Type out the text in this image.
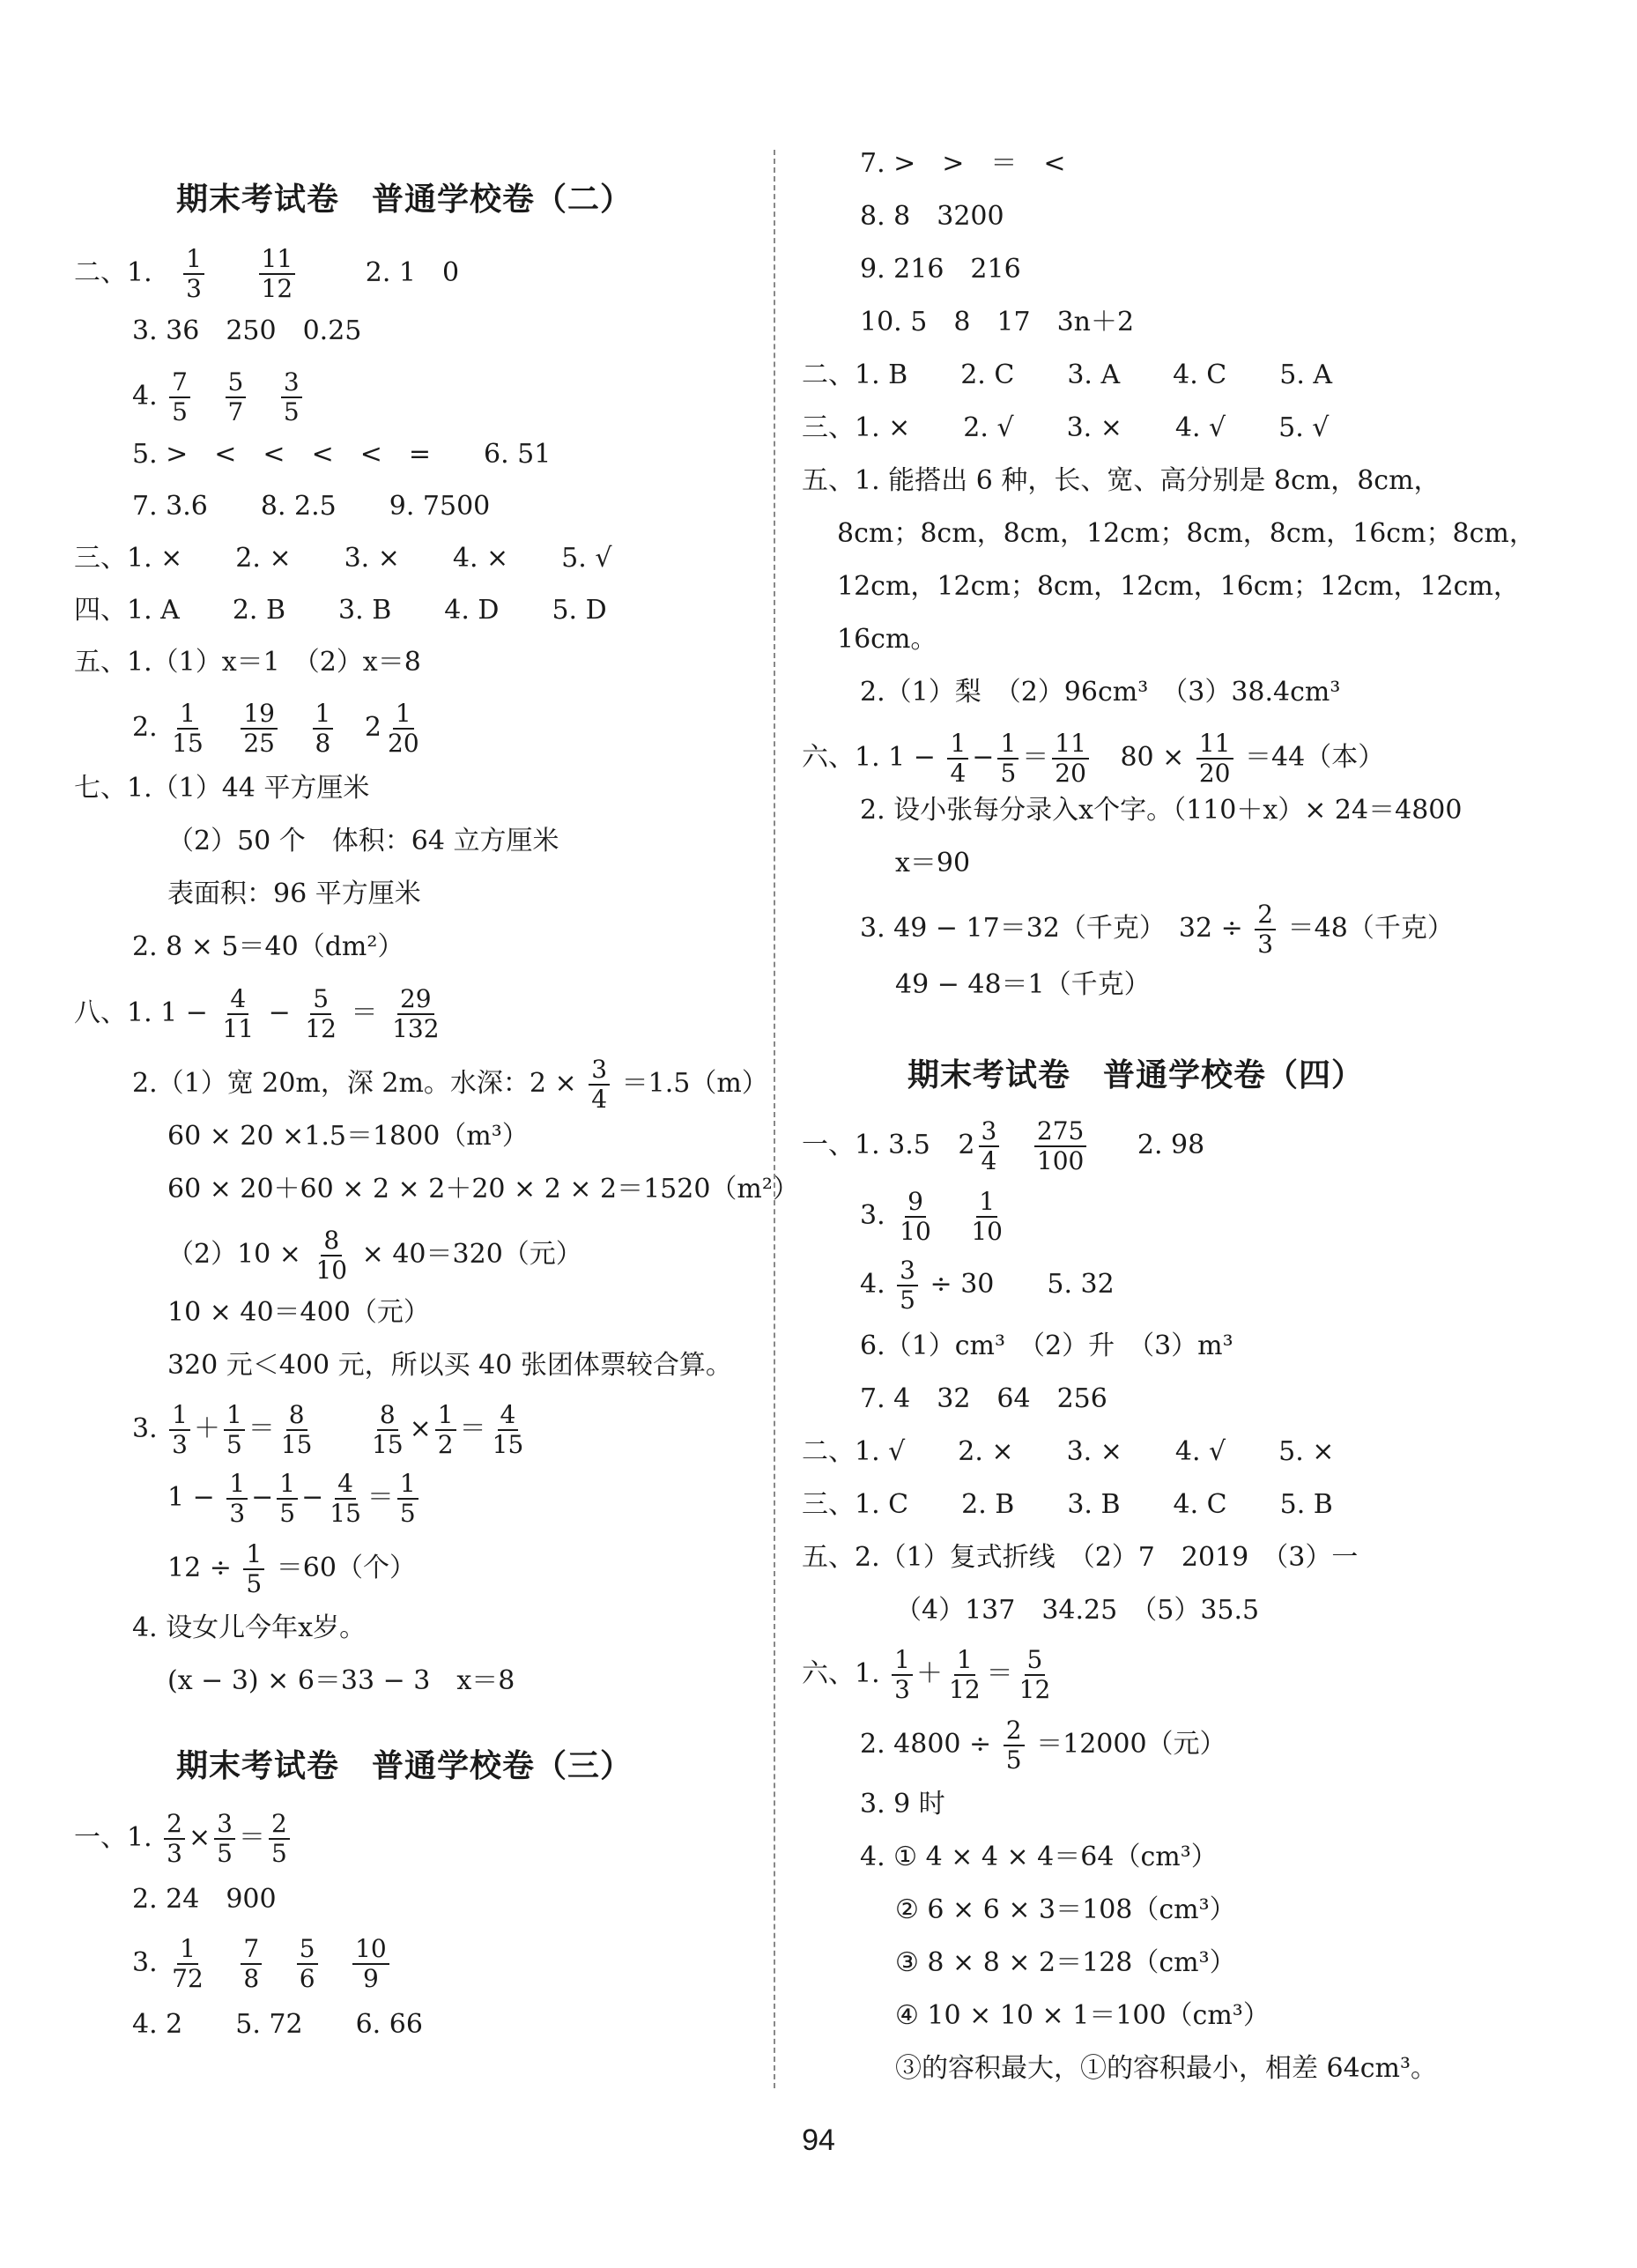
期末考试卷　普通学校卷（二）
二、1. $\frac{1}{3}$
$\frac{11}{12}$	2. 1　0
3. 36　250　0.25
4. $\frac{7}{5}$
$\frac{5}{7}$
$\frac{3}{5}$
5. >　<　<　<　<　=　　6. 51
7. 3.6　　8. 2.5　　9. 7500
三、1. ×　　2. ×　　3. ×　　4. ×　　5. √
四、1. A　　2. B　　3. B　　4. D　　5. D
五、1.（1）x＝1　（2）x＝8
2. $\frac{1}{15}$
$\frac{19}{25}$
$\frac{1}{8} 2 \frac{1}{20}$
七、1.（1）44 平方厘米
（2）50 个　体积：64 立方厘米
表面积：96 平方厘米
2. 8 × 5＝40（dm²）
八、1. $1 - \frac{4}{11} - \frac{5}{12} = \frac{29}{132}$
2.（1）宽 20m，深 2m。水深：$2 \times \frac{3}{4} =1.5(m)$
60 × 20 ×1.5＝1800（m³）
60 × 20＋60 × 2 × 2＋20 × 2 × 2＝1520（m²）
$(2)10 \times \frac{8}{10} \times 40=320$（元）
10 × 40＝400（元）
320 元＜400 元，所以买 40 张团体票较合算。
3. $\frac{1}{3} + \frac{1}{5} = \frac{8}{15}$
$\frac{8}{15} \times \frac{1}{2} = \frac{4}{15}$
$1 - \frac{1}{3} - \frac{1}{5} - \frac{4}{15} = \frac{1}{5}$
$12 \div \frac{1}{5} =60$（个）
4. 设女儿今年x岁。
(x − 3) × 6＝33 − 3　x＝8
期末考试卷　普通学校卷（三）
一、1. $\frac{2}{3} \times \frac{3}{5} = \frac{2}{5}$
2. 24　900
3. $\frac{1}{72}$
$\frac{7}{8}$
$\frac{5}{6}$
$\frac{10}{9}$
4. 2　　5. 72　　6. 66
7. >　>　＝　<
8. 8　3200
9. 216　216
10. 5　8　17　3n＋2
二、1. B　　2. C　　3. A　　4. C　　5. A
三、1. ×　　2. √　　3. ×　　4. √　　5. √
五、1. 能搭出 6 种，长、宽、高分别是 8cm，8cm，
8cm；8cm，8cm，12cm；8cm，8cm，16cm；8cm，
12cm，12cm；8cm，12cm，16cm；12cm，12cm，
16cm。
2.（1）梨　（2）96cm³　（3）38.4cm³
六、1. $1 - \frac{1}{4} - \frac{1}{5} = \frac{11}{20} 80 \times \frac{11}{20} =44$（本）
2. 设小张每分录入x个字。（110＋x）× 24＝4800
x＝90
3. 49 − 17＝32（千克）　$32 \div \frac{2}{3} =48$（千克）
49 − 48＝1（千克）
期末考试卷　普通学校卷（四）
一、1. 3.5 $2 \frac{3}{4}$
$\frac{275}{100} 2$. 98
3. $\frac{9}{10}$
$\frac{1}{10}$
4. $\frac{3}{5} \div 30$　　5. 32
6.（1）cm³　（2）升　（3）m³
7. 4　32　64　256
二、1. √　　2. ×　　3. ×　　4. √　　5. ×
三、1. C　　2. B　　3. B　　4. C　　5. B
五、2.（1）复式折线　（2）7　2019　（3）一
（4）137　34.25　（5）35.5
六、1. $\frac{1}{3} + \frac{1}{12} = \frac{5}{12}$
2. $4800 \div \frac{2}{5} =12000$（元）
3. 9 时
4. ① 4 × 4 × 4＝64（cm³）
② 6 × 6 × 3＝108（cm³）
③ 8 × 8 × 2＝128（cm³）
④ 10 × 10 × 1＝100（cm³）
③的容积最大，①的容积最小，相差 64cm³。
94
